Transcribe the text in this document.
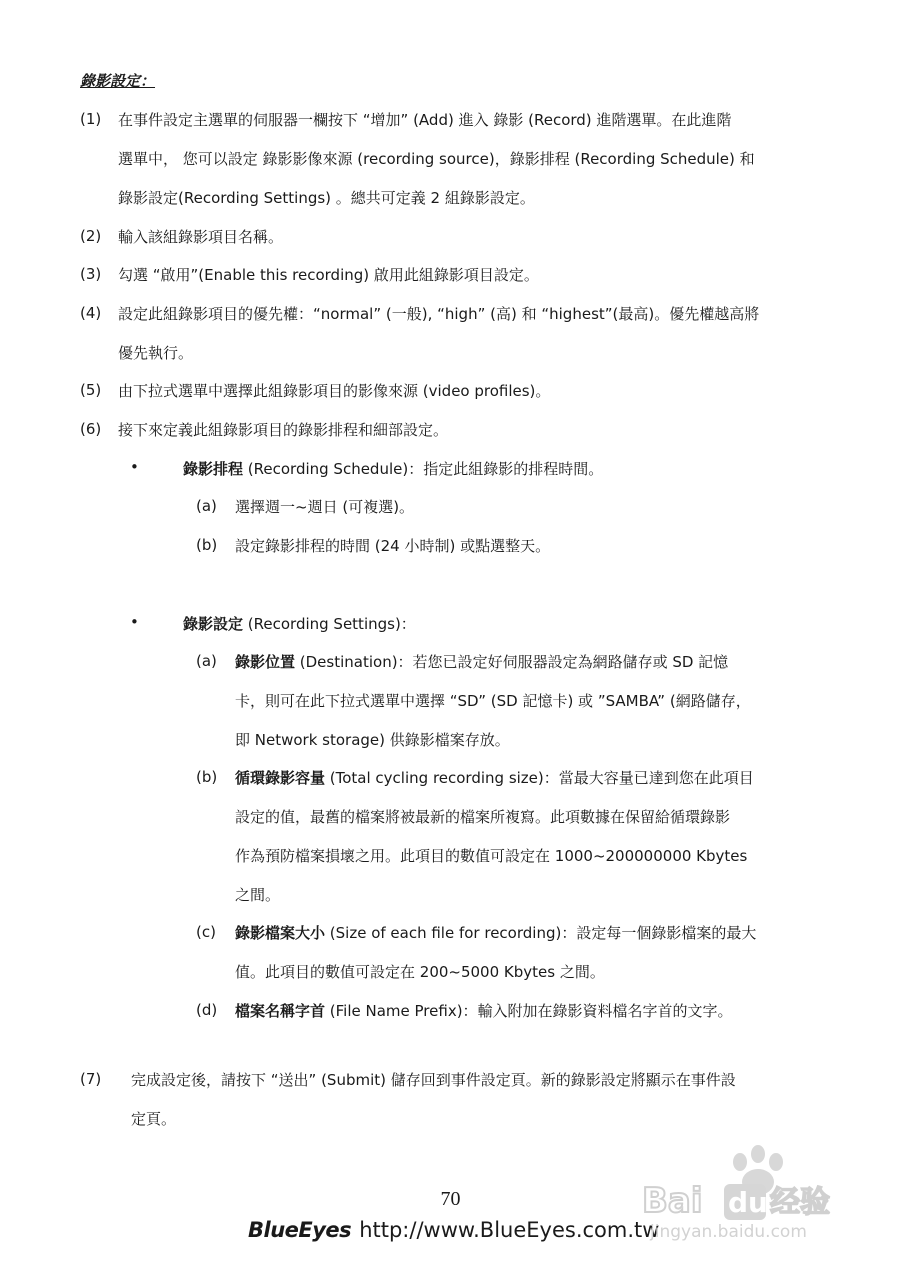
錄影設定：
(1) 在事件設定主選單的伺服器一欄按下 “增加” (Add) 進入 錄影 (Record) 進階選單。在此進階
選單中， 您可以設定 錄影影像來源 (recording source)，錄影排程 (Recording Schedule) 和
錄影設定(Recording Settings) 。總共可定義 2 組錄影設定。
(2) 輸入該組錄影項目名稱。
(3) 勾選 “啟用”(Enable this recording) 啟用此組錄影項目設定。
(4) 設定此組錄影項目的優先權：“normal” (一般), “high” (高) 和 “highest”(最高)。優先權越高將
優先執行。
(5) 由下拉式選單中選擇此組錄影項目的影像來源 (video profiles)。
(6) 接下來定義此組錄影項目的錄影排程和細部設定。
•	錄影排程 (Recording Schedule)：指定此組錄影的排程時間。
(a) 選擇週一~週日 (可複選)。
(b) 設定錄影排程的時間 (24 小時制) 或點選整天。
•	錄影設定 (Recording Settings)：
(a) 錄影位置 (Destination)：若您已設定好伺服器設定為網路儲存或 SD 記憶
卡，則可在此下拉式選單中選擇 “SD” (SD 記憶卡) 或 ”SAMBA” (網路儲存，
即 Network storage) 供錄影檔案存放。
(b) 循環錄影容量 (Total cycling recording size)：當最大容量已達到您在此項目
設定的值，最舊的檔案將被最新的檔案所複寫。此項數據在保留給循環錄影
作為預防檔案損壞之用。此項目的數值可設定在 1000~200000000 Kbytes
之間。
(c) 錄影檔案大小 (Size of each file for recording)：設定每一個錄影檔案的最大
值。此項目的數值可設定在 200~5000 Kbytes 之間。
(d) 檔案名稱字首 (File Name Prefix)：輸入附加在錄影資料檔名字首的文字。
(7) 完成設定後，請按下 “送出” (Submit) 儲存回到事件設定頁。新的錄影設定將顯示在事件設
定頁。
70
BlueEyes http://www.BlueEyes.com.tw
Bai du 经验
jingyan.baidu.com
